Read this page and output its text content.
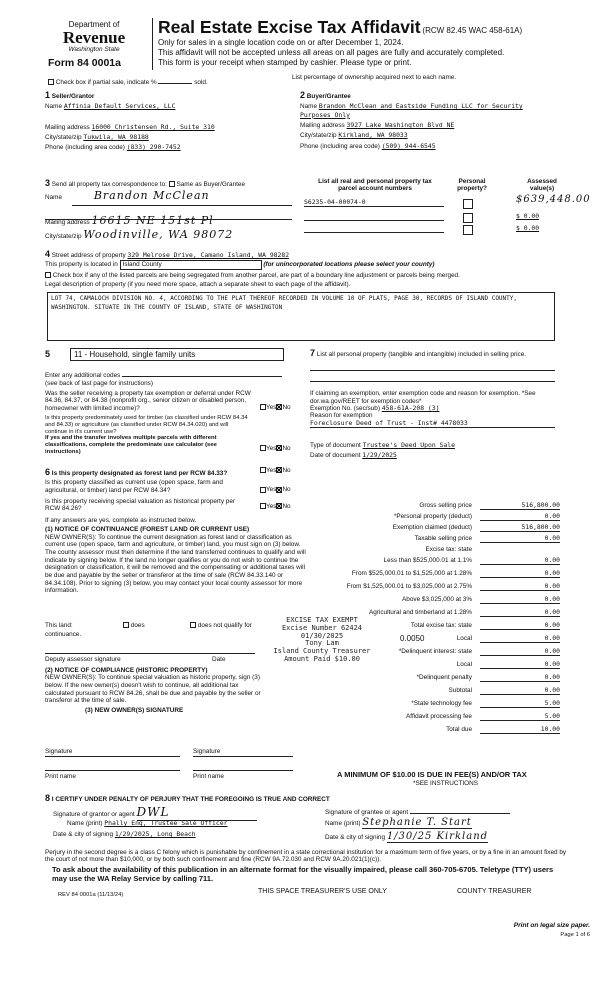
Department of
Revenue
Washington State
Form 84 0001a
Real Estate Excise Tax Affidavit (RCW 82.45 WAC 458-61A)
Only for sales in a single location code on or after December 1, 2024.
This affidavit will not be accepted unless all areas on all pages are fully and accurately completed.
This form is your receipt when stamped by cashier. Please type or print.
Check box if partial sale, indicate %	sold.
List percentage of ownership acquired next to each name.
1 Seller/Grantor
Name Affinia Default Services, LLC
Mailing address 16000 Christensen Rd., Suite 310
City/state/zip Tukwila, WA 98188
Phone (including area code) (833) 290-7452
2 Buyer/Grantee
Name Brandon McClean and Eastside Funding LLC for Security
Purposes Only
Mailing address 3927 Lake Washington Blvd NE
City/state/zip Kirkland, WA 98033
Phone (including area code) (509) 944-6545
3 Send all property tax correspondence to: Same as Buyer/Grantee
Name	Brandon McClean
Mailing address 16615 NE 151st Pl
City/state/zip Woodinville, WA 98072
List all real and personal property tax
parcel account numbers
Personal
property?
Assessed
value(s)
S6235-04-00074-0	$639,448.00
$ 0.00
$ 0.00
4 Street address of property 329 Melrose Drive, Camano Island, WA 98282
This property is located in Island County	(for unincorporated locations please select your county)
Check box if any of the listed parcels are being segregated from another parcel, are part of a boundary line adjustment or parcels being merged.
Legal description of property (if you need more space, attach a separate sheet to each page of the affidavit).
LOT 74, CAMALOCH DIVISION NO. 4, ACCORDING TO THE PLAT THEREOF RECORDED IN VOLUME 10 OF PLATS, PAGE 30, RECORDS OF ISLAND COUNTY, WASHINGTON. SITUATE IN THE COUNTY OF ISLAND, STATE OF WASHINGTON
5	11 - Household, single family units
Enter any additional codes
(see back of last page for instructions)
Was the seller receiving a property tax exemption or deferral under RCW 84.36, 84.37, or 84.38 (nonprofit org., senior citizen or disabled person, homeowner with limited income)?	Yes No
Is this property predominately used for timber (as classified under RCW 84.34 and 84.33) or agriculture (as classified under RCW 84.34.020) and will continue in it's current use?
If yes and the transfer involves multiple parcels with different classifications, complete the predominate use calculator (see instructions)	Yes No
6 Is this property designated as forest land per RCW 84.33?	Yes No
Is this property classified as current use (open space, farm and agricultural, or timber) land per RCW 84.34?	Yes No
Is this property receiving special valuation as historical property per RCW 84.26?	Yes No
If any answers are yes, complete as instructed below.
(1) NOTICE OF CONTINUANCE (FOREST LAND OR CURRENT USE)
NEW OWNER(S): To continue the current designation as forest land or classification as current use (open space, farm and agriculture, or timber) land, you must sign on (3) below. The county assessor must then determine if the land transferred continues to qualify and will indicate by signing below. If the land no longer qualifies or you do not wish to continue the designation or classification, it will be removed and the compensating or additional taxes will be due and payable by the seller or transferor at the time of sale (RCW 84.33.140 or 84.34.108). Prior to signing (3) below, you may contact your local county assessor for more information.
This land:	does	does not qualify for
continuance.
Deputy assessor signature	Date
(2) NOTICE OF COMPLIANCE (HISTORIC PROPERTY)
NEW OWNER(S): To continue special valuation as historic property, sign (3) below. If the new owner(s) doesn't wish to continue, all additional tax calculated pursuant to RCW 84.26, shall be due and payable by the seller or transferor at the time of sale.
(3) NEW OWNER(S) SIGNATURE
Signature	Signature
Print name	Print name
7 List all personal property (tangible and intangible) included in selling price.
If claiming an exemption, enter exemption code and reason for exemption. *See dor.wa.gov/REET for exemption codes*
Exemption No. (sec/sub) 458-61A-208 (3)
Reason for exemption
Foreclosure Deed of Trust - Inst# 4478033
Type of document Trustee's Deed Upon Sale
Date of document 1/29/2025
Gross selling price	516,800.00
*Personal property (deduct)	0.00
Exemption claimed (deduct)	516,800.00
Taxable selling price	0.00
Excise tax: state
Less than $525,000.01 at 1.1%	0.00
From $525,000.01 to $1,525,000 at 1.28%	0.00
From $1,525,000.01 to $3,025,000 at 2.75%	0.00
Above $3,025,000 at 3%	0.00
Agricultural and timberland at 1.28%	0.00
Total excise tax: state	0.00
Local
0.0050	0.00
*Delinquent interest: state	0.00
Local	0.00
*Delinquent penalty	0.00
Subtotal	0.00
*State technology fee	5.00
Affidavit processing fee	5.00
Total due	10.00
EXCISE TAX EXEMPT
Excise Number 62424
01/30/2025
Tony Lam
Island County Treasurer
Amount Paid $10.00
A MINIMUM OF $10.00 IS DUE IN FEE(S) AND/OR TAX
*SEE INSTRUCTIONS
8 I CERTIFY UNDER PENALTY OF PERJURY THAT THE FOREGOING IS TRUE AND CORRECT
Signature of grantor or agent DWL
Name (print) Phally Eng, Trustee Sale Officer
Date & city of signing 1/29/2025, Long Beach
Signature of grantee or agent
Name (print) Stephanie T. Start
Date & city of signing 1/30/25 Kirkland
Perjury in the second degree is a class C felony which is punishable by confinement in a state correctional institution for a maximum term of five years, or by a fine in an amount fixed by the court of not more than $10,000, or by both such confinement and fine (RCW 9A.72.030 and RCW 9A.20.021(1)(c)).
To ask about the availability of this publication in an alternate format for the visually impaired, please call 360-705-6705. Teletype (TTY) users may use the WA Relay Service by calling 711.
REV 84 0001a (11/13/24)	THIS SPACE TREASURER'S USE ONLY	COUNTY TREASURER
Print on legal size paper.
Page 1 of 6
